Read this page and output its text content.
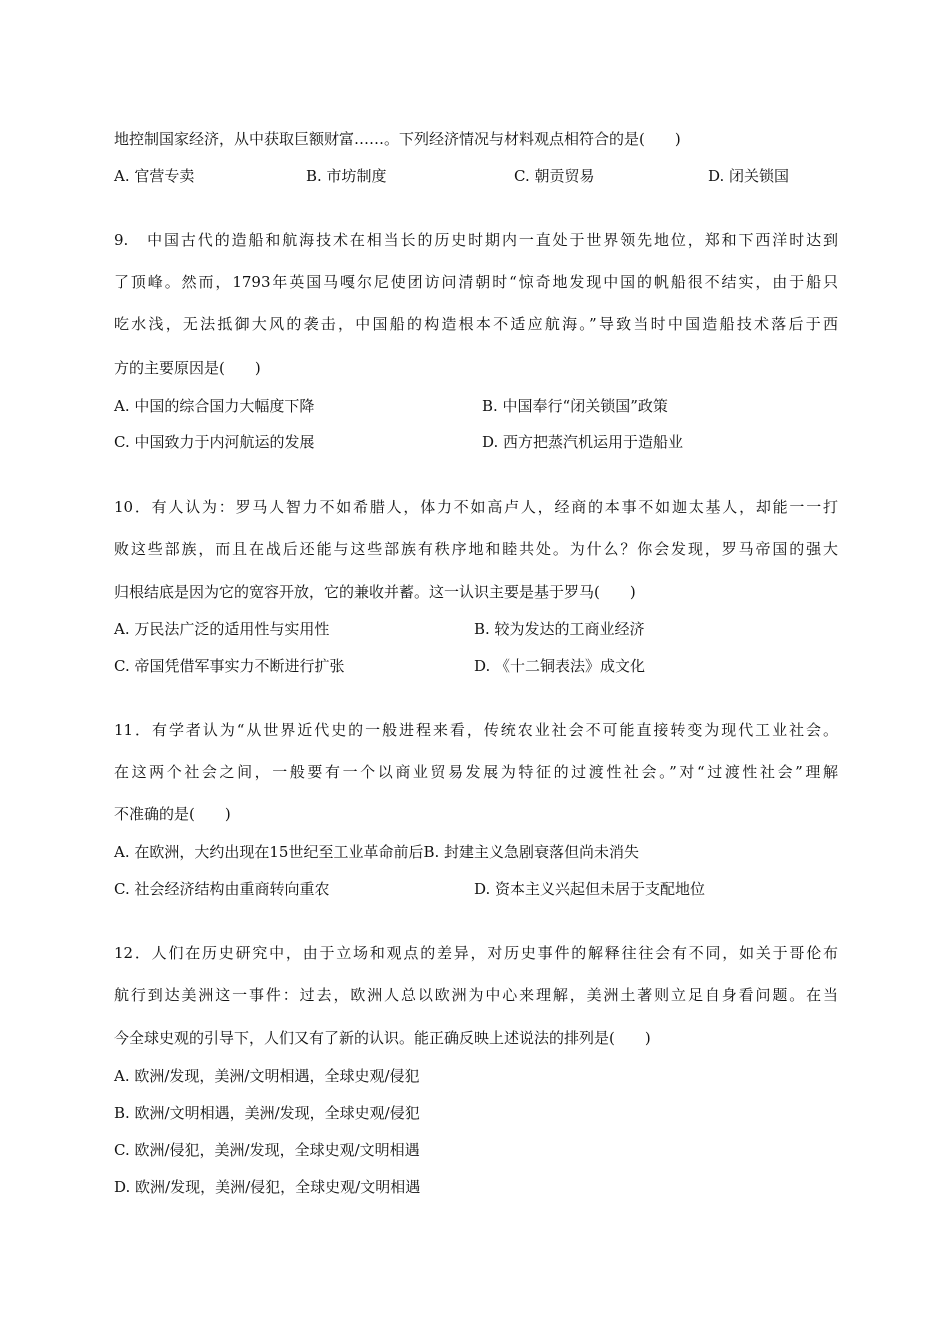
地控制国家经济，从中获取巨额财富……。下列经济情况与材料观点相符合的是(　　)
A. 官营专卖	B. 市坊制度	C. 朝贡贸易	D. 闭关锁国
9.　中国古代的造船和航海技术在相当长的历史时期内一直处于世界领先地位，郑和下西洋时达到
了顶峰。然而，1793年英国马嘎尔尼使团访问清朝时“惊奇地发现中国的帆船很不结实，由于船只
吃水浅，无法抵御大风的袭击，中国船的构造根本不适应航海。”导致当时中国造船技术落后于西
方的主要原因是(　　)
A. 中国的综合国力大幅度下降	B. 中国奉行“闭关锁国”政策
C. 中国致力于内河航运的发展	D. 西方把蒸汽机运用于造船业
10．有人认为：罗马人智力不如希腊人，体力不如高卢人，经商的本事不如迦太基人，却能一一打
败这些部族，而且在战后还能与这些部族有秩序地和睦共处。为什么？你会发现，罗马帝国的强大
归根结底是因为它的宽容开放，它的兼收并蓄。这一认识主要是基于罗马(　　)
A. 万民法广泛的适用性与实用性	B. 较为发达的工商业经济
C. 帝国凭借军事实力不断进行扩张	D. 《十二铜表法》成文化
11．有学者认为“从世界近代史的一般进程来看，传统农业社会不可能直接转变为现代工业社会。
在这两个社会之间，一般要有一个以商业贸易发展为特征的过渡性社会。”对“过渡性社会”理解
不准确的是(　　)
A. 在欧洲，大约出现在15世纪至工业革命前后B. 封建主义急剧衰落但尚未消失
C. 社会经济结构由重商转向重农	D. 资本主义兴起但未居于支配地位
12．人们在历史研究中，由于立场和观点的差异，对历史事件的解释往往会有不同，如关于哥伦布
航行到达美洲这一事件：过去，欧洲人总以欧洲为中心来理解，美洲土著则立足自身看问题。在当
今全球史观的引导下，人们又有了新的认识。能正确反映上述说法的排列是(　　)
A. 欧洲/发现，美洲/文明相遇，全球史观/侵犯
B. 欧洲/文明相遇，美洲/发现，全球史观/侵犯
C. 欧洲/侵犯，美洲/发现，全球史观/文明相遇
D. 欧洲/发现，美洲/侵犯，全球史观/文明相遇
